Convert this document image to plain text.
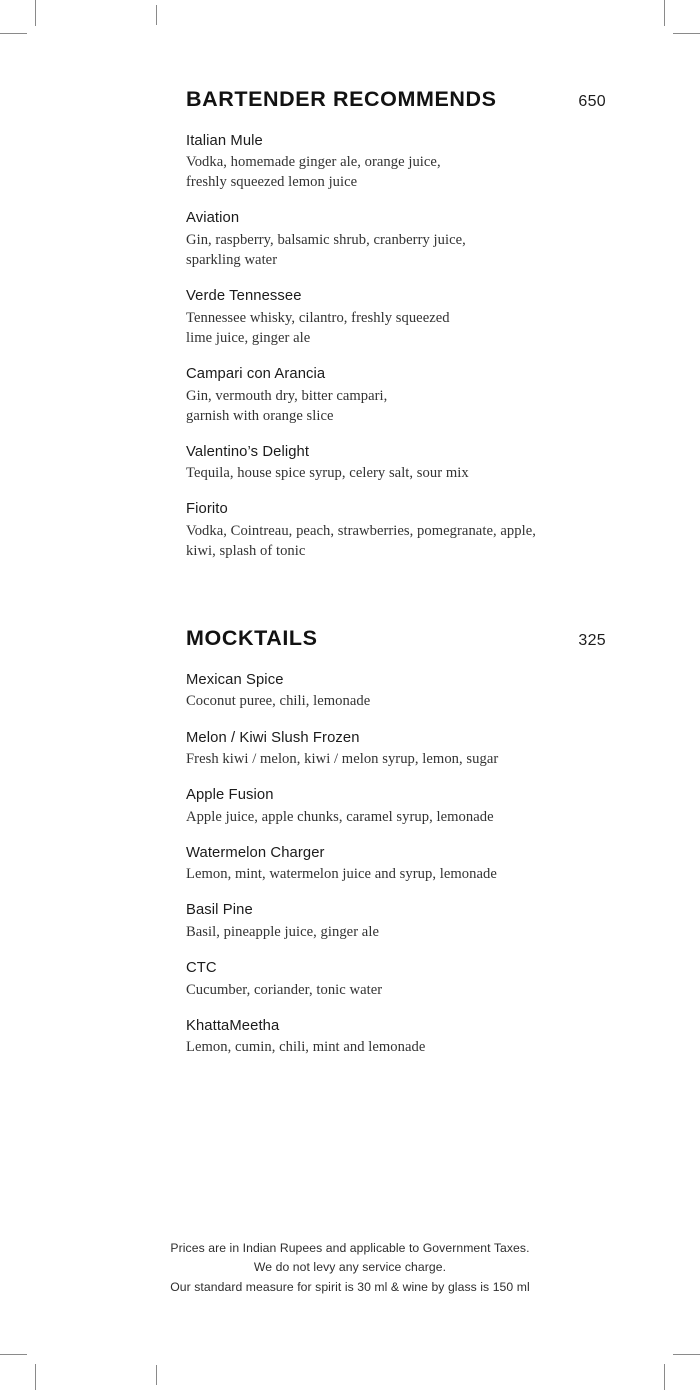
BARTENDER RECOMMENDS	650
Italian Mule
Vodka, homemade ginger ale, orange juice,
freshly squeezed lemon juice
Aviation
Gin, raspberry, balsamic shrub, cranberry juice,
sparkling water
Verde Tennessee
Tennessee whisky, cilantro, freshly squeezed
lime juice, ginger ale
Campari con Arancia
Gin, vermouth dry, bitter campari,
garnish with orange slice
Valentino’s Delight
Tequila, house spice syrup, celery salt, sour mix
Fiorito
Vodka, Cointreau, peach, strawberries, pomegranate, apple,
kiwi, splash of tonic
MOCKTAILS	325
Mexican Spice
Coconut puree, chili, lemonade
Melon / Kiwi Slush Frozen
Fresh kiwi / melon, kiwi / melon syrup, lemon, sugar
Apple Fusion
Apple juice, apple chunks, caramel syrup, lemonade
Watermelon Charger
Lemon, mint, watermelon juice and syrup, lemonade
Basil Pine
Basil, pineapple juice, ginger ale
CTC
Cucumber, coriander, tonic water
KhattaMeetha
Lemon, cumin, chili, mint and lemonade
Prices are in Indian Rupees and applicable to Government Taxes.
We do not levy any service charge.
Our standard measure for spirit is 30 ml & wine by glass is 150 ml
